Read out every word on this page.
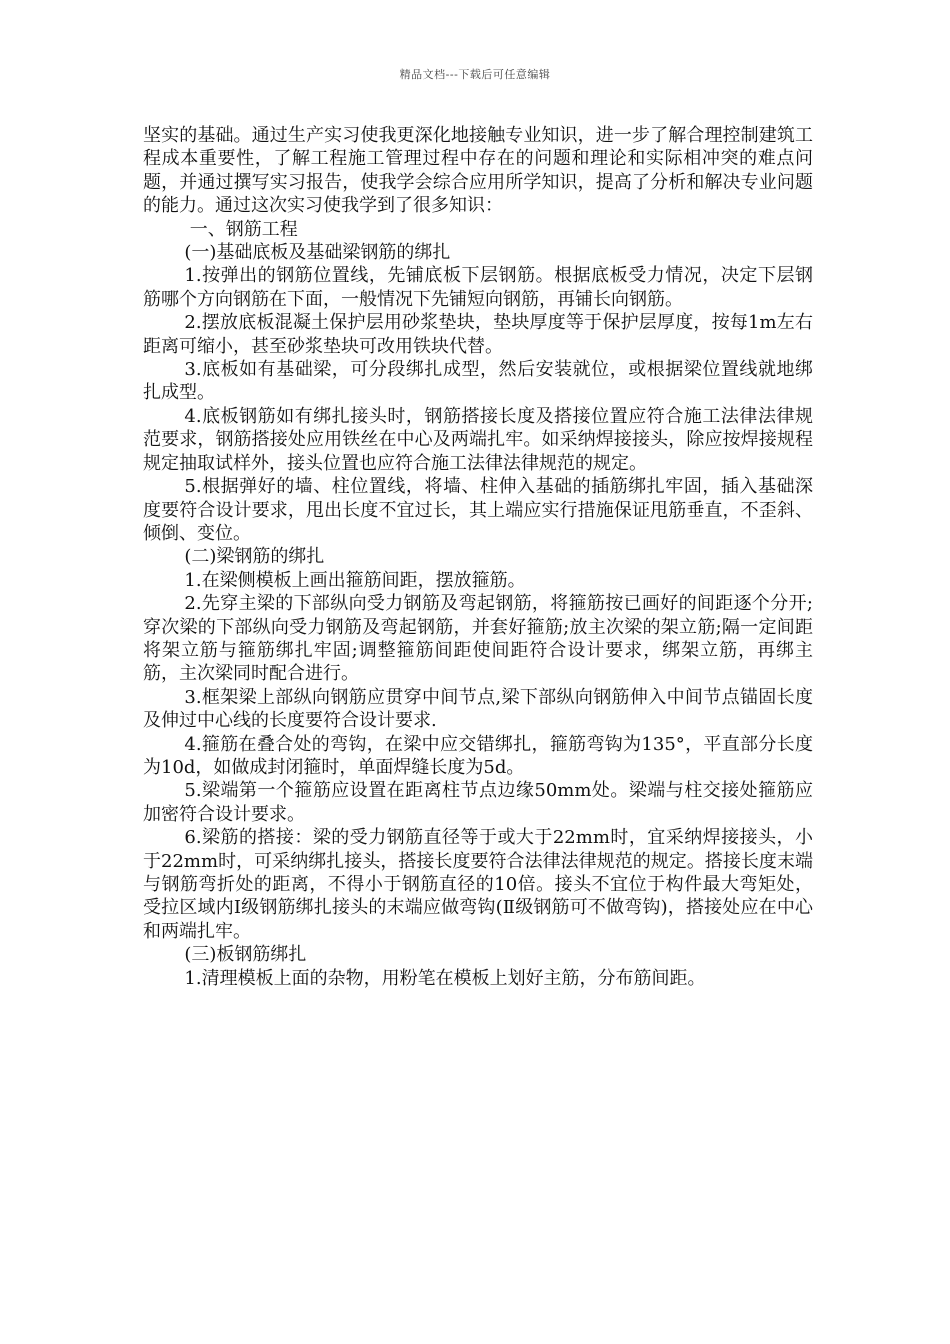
精品文档---下载后可任意编辑

坚实的基础。通过生产实习使我更深化地接触专业知识，进一步了解合理控制建筑工程成本重要性，了解工程施工管理过程中存在的问题和理论和实际相冲突的难点问题，并通过撰写实习报告，使我学会综合应用所学知识，提高了分析和解决专业问题的能力。通过这次实习使我学到了很多知识：

一、钢筋工程

(一)基础底板及基础梁钢筋的绑扎

1.按弹出的钢筋位置线，先铺底板下层钢筋。根据底板受力情况，决定下层钢筋哪个方向钢筋在下面，一般情况下先铺短向钢筋，再铺长向钢筋。

2.摆放底板混凝土保护层用砂浆垫块，垫块厚度等于保护层厚度，按每1m左右距离可缩小，甚至砂浆垫块可改用铁块代替。

3.底板如有基础梁，可分段绑扎成型，然后安装就位，或根据梁位置线就地绑扎成型。

4.底板钢筋如有绑扎接头时，钢筋搭接长度及搭接位置应符合施工法律法律规范要求，钢筋搭接处应用铁丝在中心及两端扎牢。如采纳焊接接头，除应按焊接规程规定抽取试样外，接头位置也应符合施工法律法律规范的规定。

5.根据弹好的墙、柱位置线，将墙、柱伸入基础的插筋绑扎牢固，插入基础深度要符合设计要求，甩出长度不宜过长，其上端应实行措施保证甩筋垂直，不歪斜、倾倒、变位。

(二)梁钢筋的绑扎

1.在梁侧模板上画出箍筋间距，摆放箍筋。

2.先穿主梁的下部纵向受力钢筋及弯起钢筋，将箍筋按已画好的间距逐个分开;穿次梁的下部纵向受力钢筋及弯起钢筋，并套好箍筋;放主次梁的架立筋;隔一定间距将架立筋与箍筋绑扎牢固;调整箍筋间距使间距符合设计要求，绑架立筋，再绑主筋，主次梁同时配合进行。

3.框架梁上部纵向钢筋应贯穿中间节点,梁下部纵向钢筋伸入中间节点锚固长度及伸过中心线的长度要符合设计要求.

4.箍筋在叠合处的弯钩，在梁中应交错绑扎，箍筋弯钩为135°，平直部分长度为10d，如做成封闭箍时，单面焊缝长度为5d。

5.梁端第一个箍筋应设置在距离柱节点边缘50mm处。梁端与柱交接处箍筋应加密符合设计要求。

6.梁筋的搭接：梁的受力钢筋直径等于或大于22mm时，宜采纳焊接接头，小于22mm时，可采纳绑扎接头，搭接长度要符合法律法律规范的规定。搭接长度末端与钢筋弯折处的距离，不得小于钢筋直径的10倍。接头不宜位于构件最大弯矩处，受拉区域内Ⅰ级钢筋绑扎接头的末端应做弯钩(Ⅱ级钢筋可不做弯钩)，搭接处应在中心和两端扎牢。

(三)板钢筋绑扎

1.清理模板上面的杂物，用粉笔在模板上划好主筋，分布筋间距。
